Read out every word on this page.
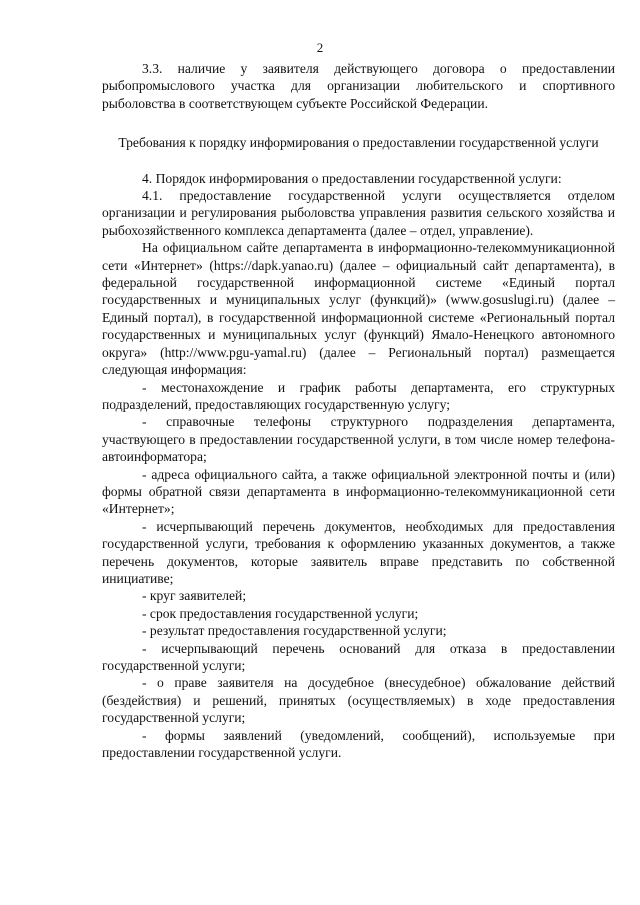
2

3.3. наличие у заявителя действующего договора о предоставлении рыбопромыслового участка для организации любительского и спортивного рыболовства в соответствующем субъекте Российской Федерации.

Требования к порядку информирования о предоставлении государственной услуги

4. Порядок информирования о предоставлении государственной услуги:

4.1. предоставление государственной услуги осуществляется отделом организации и регулирования рыболовства управления развития сельского хозяйства и рыбохозяйственного комплекса департамента (далее – отдел, управление).

На официальном сайте департамента в информационно-телекоммуникационной сети «Интернет» (https://dapk.yanao.ru) (далее – официальный сайт департамента), в федеральной государственной информационной системе «Единый портал государственных и муниципальных услуг (функций)» (www.gosuslugi.ru) (далее – Единый портал), в государственной информационной системе «Региональный портал государственных и муниципальных услуг (функций) Ямало-Ненецкого автономного округа» (http://www.pgu-yamal.ru) (далее – Региональный портал) размещается следующая информация:

- местонахождение и график работы департамента, его структурных подразделений, предоставляющих государственную услугу;

- справочные телефоны структурного подразделения департамента, участвующего в предоставлении государственной услуги, в том числе номер телефона-автоинформатора;

- адреса официального сайта, а также официальной электронной почты и (или) формы обратной связи департамента в информационно-телекоммуникационной сети «Интернет»;

- исчерпывающий перечень документов, необходимых для предоставления государственной услуги, требования к оформлению указанных документов, а также перечень документов, которые заявитель вправе представить по собственной инициативе;

- круг заявителей;

- срок предоставления государственной услуги;

- результат предоставления государственной услуги;

- исчерпывающий перечень оснований для отказа в предоставлении государственной услуги;

- о праве заявителя на досудебное (внесудебное) обжалование действий (бездействия) и решений, принятых (осуществляемых) в ходе предоставления государственной услуги;

- формы заявлений (уведомлений, сообщений), используемые при предоставлении государственной услуги.
